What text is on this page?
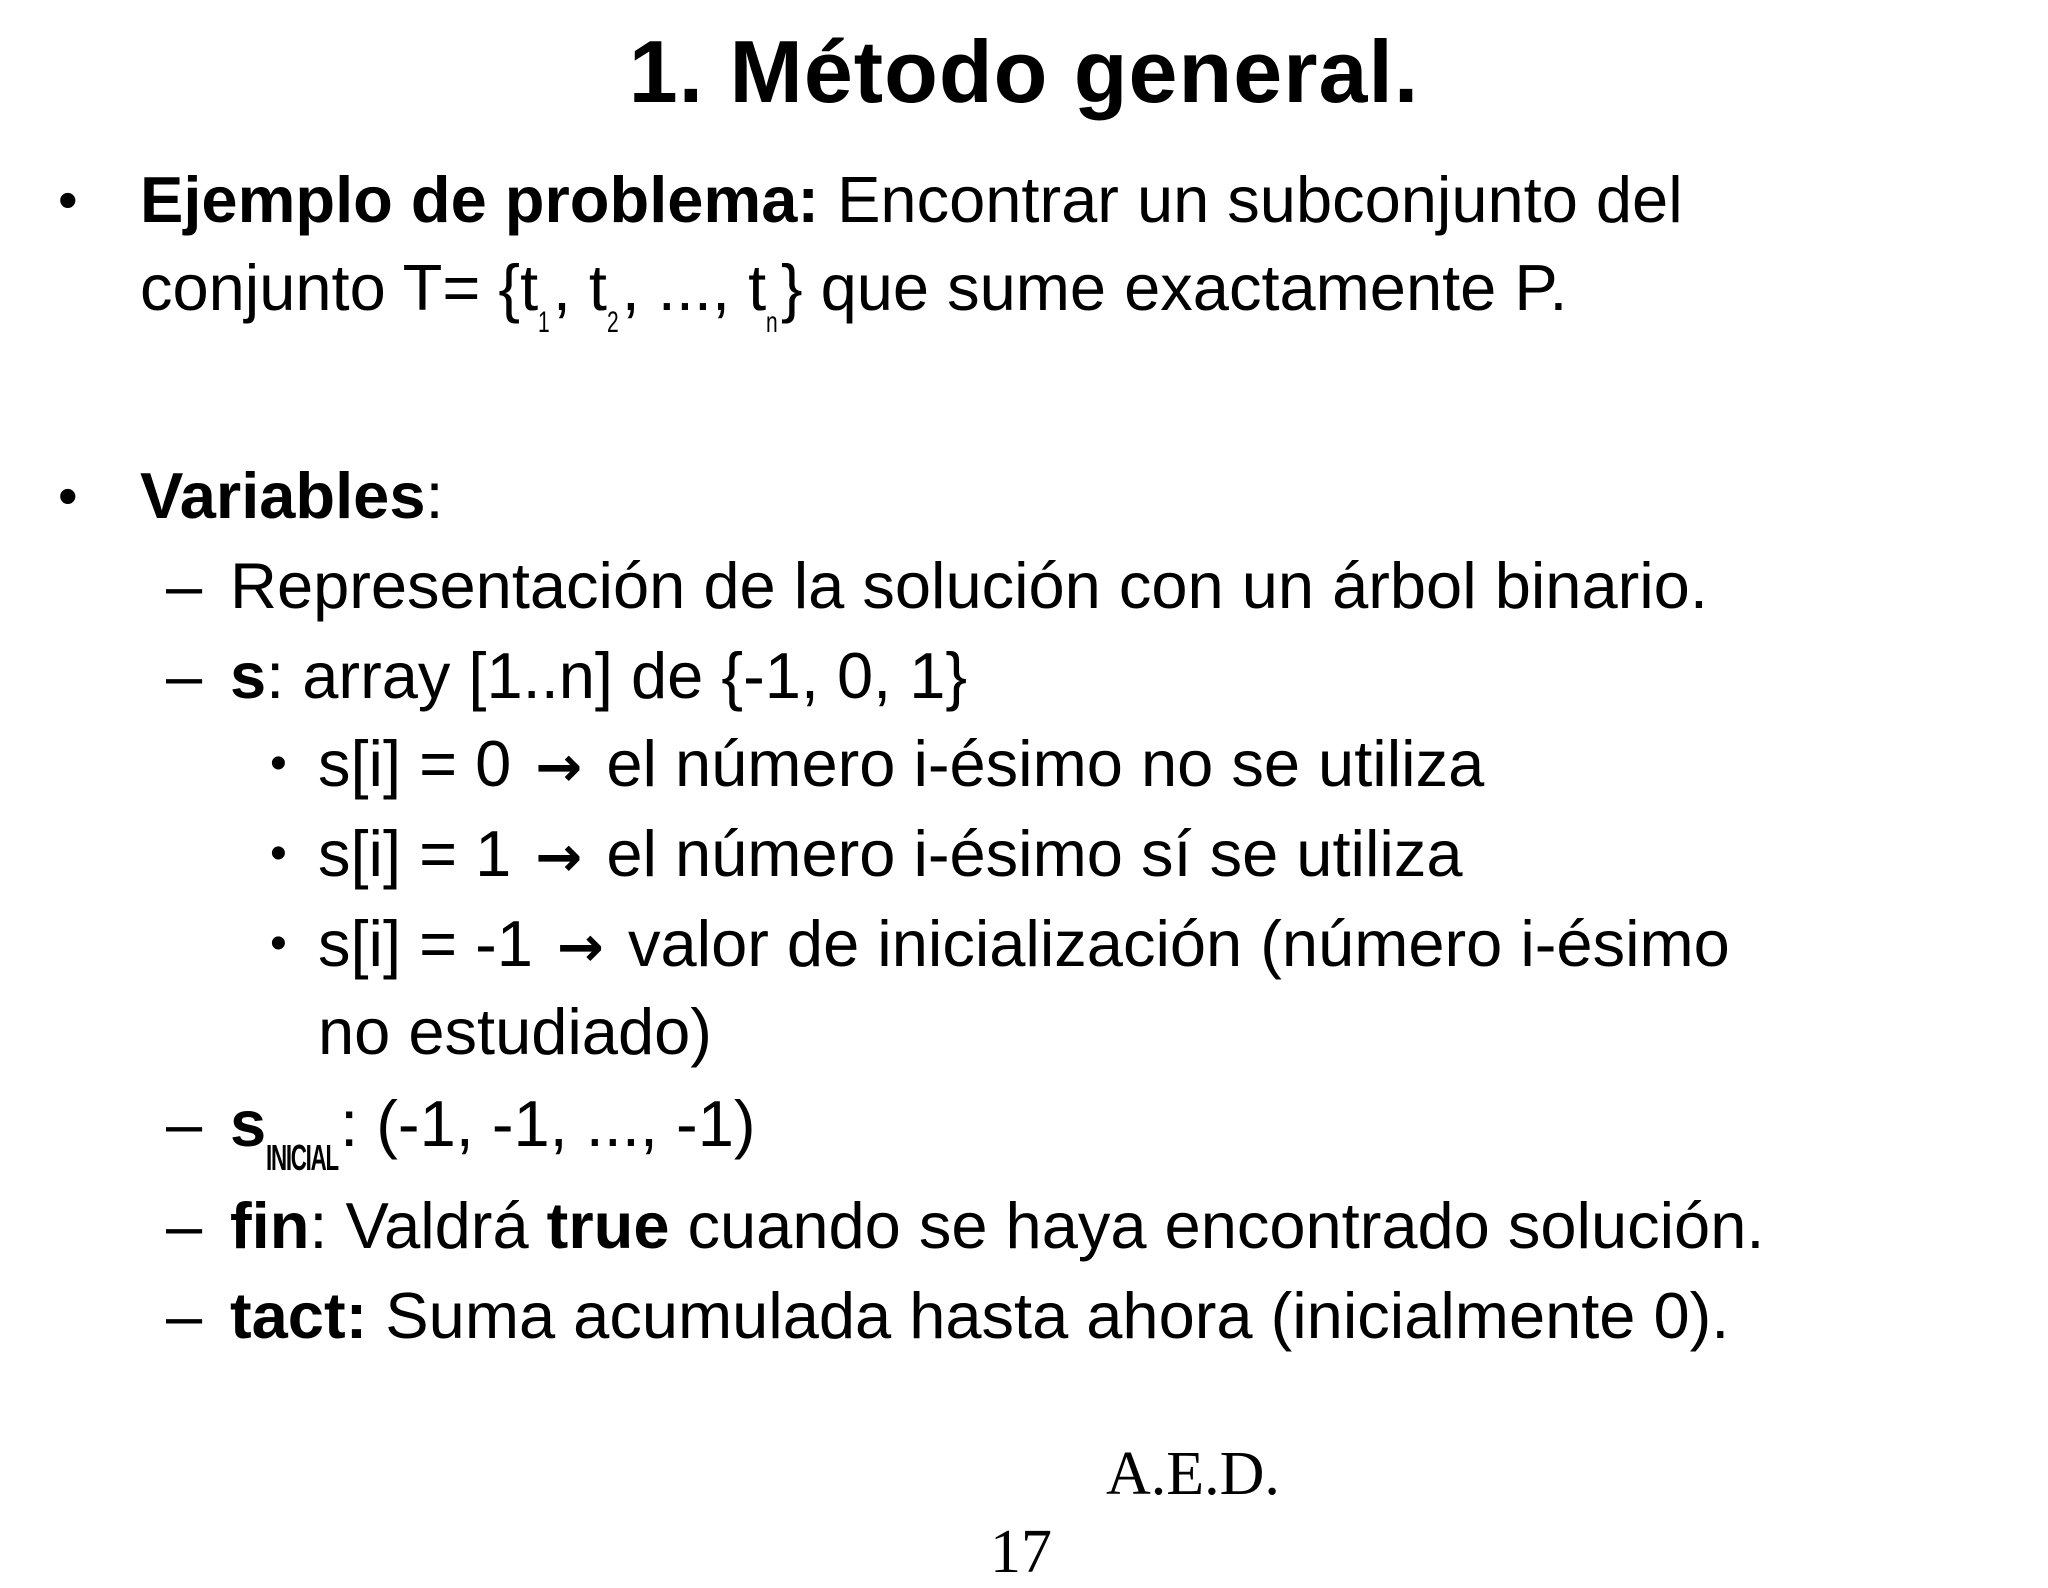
1. Método general.
• Ejemplo de problema: Encontrar un subconjunto del
conjunto T= {t1, t2, ..., tn} que sume exactamente P.
• Variables:
– Representación de la solución con un árbol binario.
– s: array [1..n] de {-1, 0, 1}
• s[i] = 0 → el número i-ésimo no se utiliza
• s[i] = 1 → el número i-ésimo sí se utiliza
• s[i] = -1 → valor de inicialización (número i-ésimo
no estudiado)
– sINICIAL: (-1, -1, ..., -1)
– fin: Valdrá true cuando se haya encontrado solución.
– tact: Suma acumulada hasta ahora (inicialmente 0).
A.E.D.
17
